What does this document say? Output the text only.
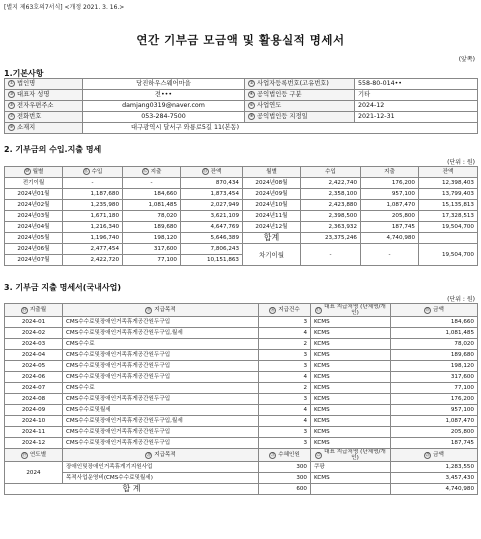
[별지 제63호의7서식] <개정 2021. 3. 16.>
연간 기부금 모금액 및 활용실적 명세서
(앞쪽)
1.기본사항
① 법인명	당진하우스웨어마을	② 사업자등록번호(고유번호)	558-80-014••
③ 대표자 성명	전•••	④ 공익법인등 구분	기타
⑤ 전자우편주소	damjang0319@naver.com	⑥ 사업연도	2024-12
⑦ 전화번호	053-284-7500	⑧ 공익법인등 지정일	2021-12-31
⑨ 소재지	대구광역시 달서구 와룡로5길 11(본동)		
2. 기부금의 수입.지출 명세
(단위 : 원)
⑩ 월별	⑪ 수입	⑫ 지출	⑬ 잔액	월별	수입	지출	잔액
전기이월	-	-	870,434	2024년08월	2,422,740	176,200	12,398,403
2024년01월	1,187,680	184,660	1,873,454	2024년09월	2,358,100	957,100	13,799,403
2024년02월	1,235,980	1,081,485	2,027,949	2024년10월	2,423,880	1,087,470	15,135,813
2024년03월	1,671,180	78,020	3,621,109	2024년11월	2,398,500	205,800	17,328,513
2024년04월	1,216,340	189,680	4,647,769	2024년12월	2,363,932	187,745	19,504,700
2024년05월	1,196,740	198,120	5,646,389	합계	23,375,246	4,740,980	
2024년06월	2,477,454	317,600	7,806,243	차기이월	-	-	19,504,700
2024년07월	2,422,720	77,100	10,151,863				
3. 기부금 지출 명세서(국내사업)
(단위 : 원)
⑭ 지출월	⑮ 지급목적	⑯ 지급건수	⑰ 대표 지급처명 (단체명/개인)	⑱ 금액
2024-01	CMS수수료및장애인거족휴게공간원두구입	3	KCMS	184,660
2024-02	CMS수수료및장애인거족휴게공간원두구입,월세	4	KCMS	1,081,485
2024-03	CMS수수료	2	KCMS	78,020
2024-04	CMS수수료및장애인거족휴게공간원두구입	3	KCMS	189,680
2024-05	CMS수수료및장애인거족휴게공간원두구입	3	KCMS	198,120
2024-06	CMS수수료및장애인거족휴게공간원두구입	4	KCMS	317,600
2024-07	CMS수수료	2	KCMS	77,100
2024-08	CMS수수료및장애인거족휴게공간원두구입	3	KCMS	176,200
2024-09	CMS수수료및월세	4	KCMS	957,100
2024-10	CMS수수료및장애인거족휴게공간원두구입,월세	4	KCMS	1,087,470
2024-11	CMS수수료및장애인거족휴게공간원두구입	3	KCMS	205,800
2024-12	CMS수수료및장애인거족휴게공간원두구입	3	KCMS	187,745
⑲ 연도별	⑳ 지급목적	㉑ 수혜인원	㉒ 대표 지급처명 (단체명/개인)	㉓ 금액
2024	장애인및장애인거족휴게기지원사업	300	쿠팡	1,283,550
	목적사업운영비(CMS수수료및월세)	300	KCMS	3,457,430
합 계		600		4,740,980
